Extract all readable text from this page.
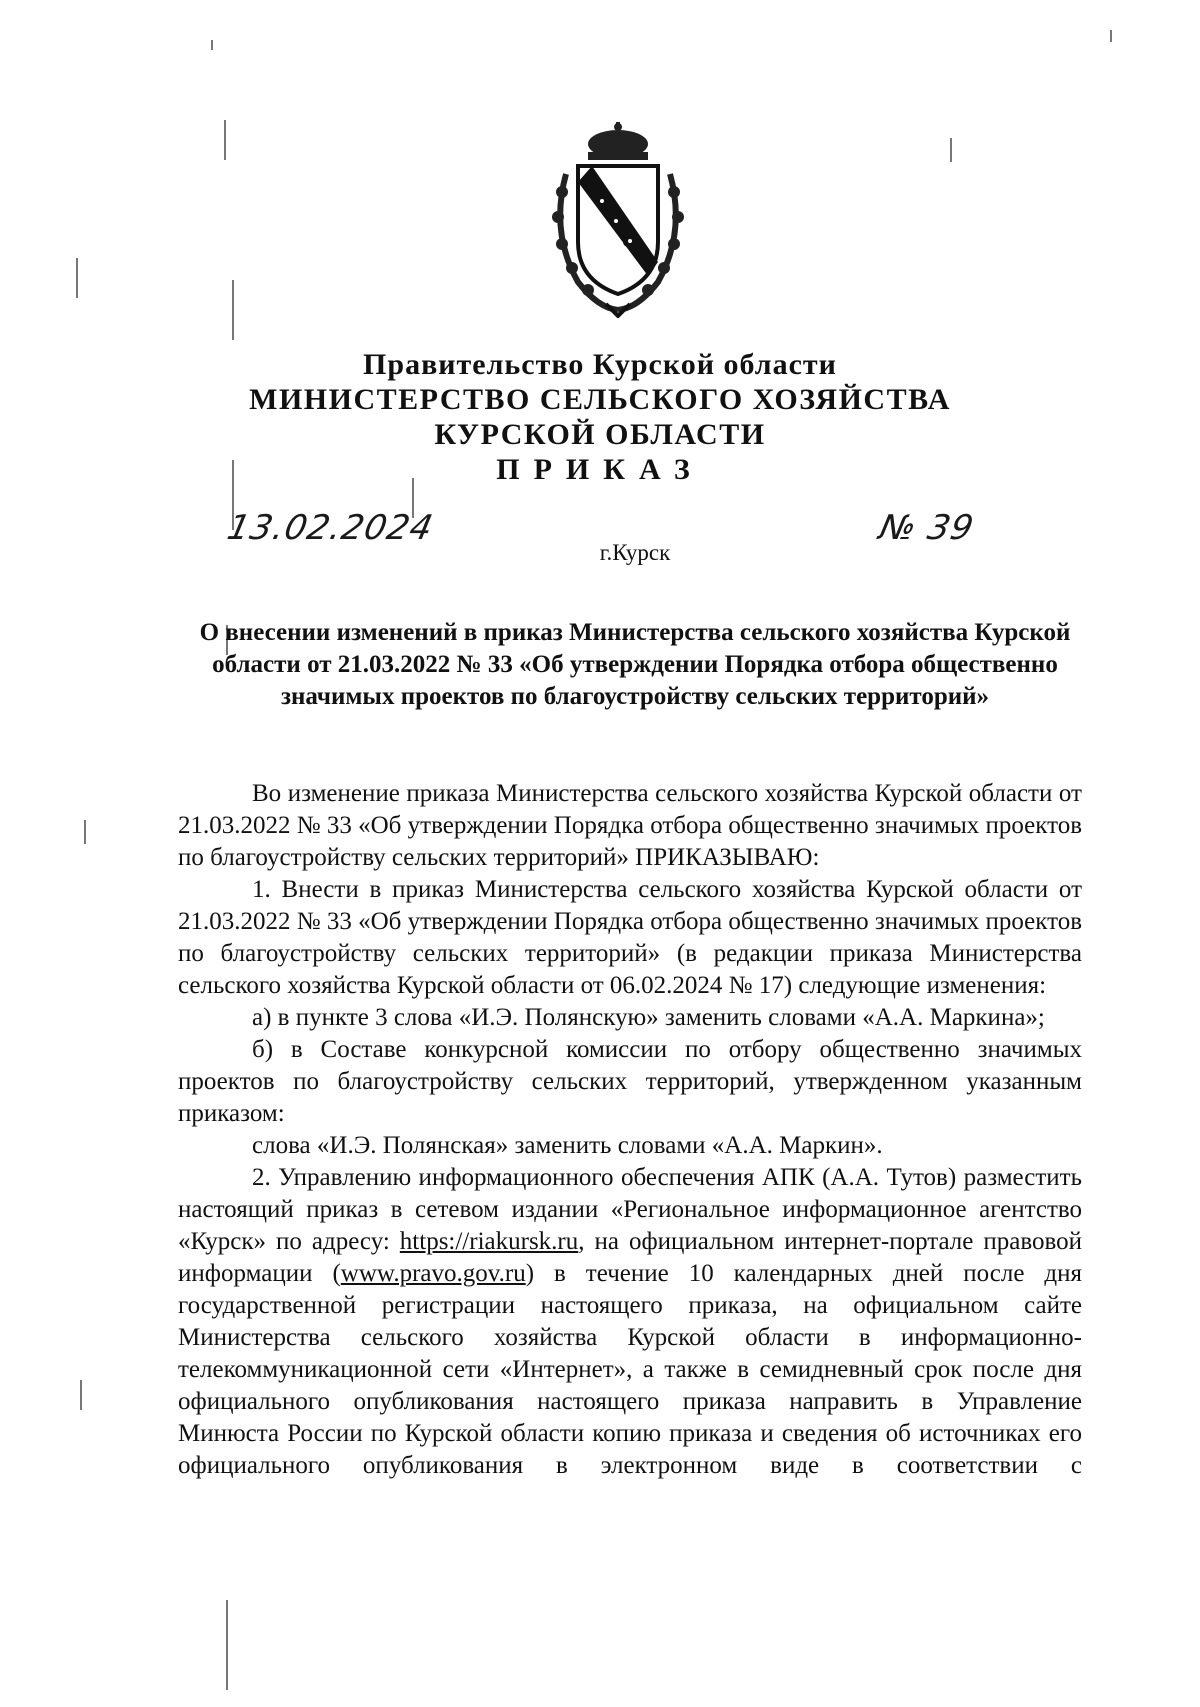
Правительство Курской области
МИНИСТЕРСТВО СЕЛЬСКОГО ХОЗЯЙСТВА
КУРСКОЙ ОБЛАСТИ
ПРИКАЗ
13.02.2024	№ 39
г.Курск
О внесении изменений в приказ Министерства сельского хозяйства Курской области от 21.03.2022 № 33 «Об утверждении Порядка отбора общественно значимых проектов по благоустройству сельских территорий»

Во изменение приказа Министерства сельского хозяйства Курской области от 21.03.2022 № 33 «Об утверждении Порядка отбора общественно значимых проектов по благоустройству сельских территорий» ПРИКАЗЫВАЮ:

1. Внести в приказ Министерства сельского хозяйства Курской области от 21.03.2022 № 33 «Об утверждении Порядка отбора общественно значимых проектов по благоустройству сельских территорий» (в редакции приказа Министерства сельского хозяйства Курской области от 06.02.2024 № 17) следующие изменения:

а) в пункте 3 слова «И.Э. Полянскую» заменить словами «А.А. Маркина»;

б) в Составе конкурсной комиссии по отбору общественно значимых проектов по благоустройству сельских территорий, утвержденном указанным приказом:

слова «И.Э. Полянская» заменить словами «А.А. Маркин».

2. Управлению информационного обеспечения АПК (А.А. Тутов) разместить настоящий приказ в сетевом издании «Региональное информационное агентство «Курск» по адресу: https://riakursk.ru, на официальном интернет-портале правовой информации (www.pravo.gov.ru) в течение 10 календарных дней после дня государственной регистрации настоящего приказа, на официальном сайте Министерства сельского хозяйства Курской области в информационно-телекоммуникационной сети «Интернет», а также в семидневный срок после дня официального опубликования настоящего приказа направить в Управление Минюста России по Курской области копию приказа и сведения об источниках его официального опубликования в электронном виде в соответствии с
